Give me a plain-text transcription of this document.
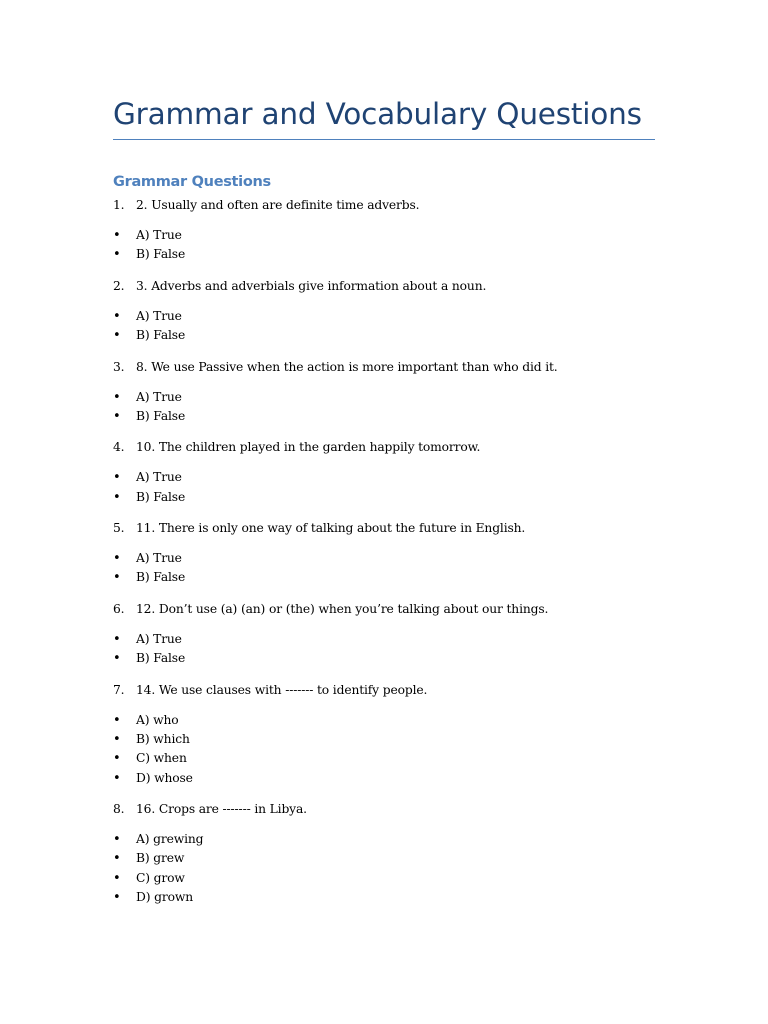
Grammar and Vocabulary Questions
Grammar Questions
1. 2. Usually and often are definite time adverbs.
• A) True
• B) False
2. 3. Adverbs and adverbials give information about a noun.
• A) True
• B) False
3. 8. We use Passive when the action is more important than who did it.
• A) True
• B) False
4. 10. The children played in the garden happily tomorrow.
• A) True
• B) False
5. 11. There is only one way of talking about the future in English.
• A) True
• B) False
6. 12. Don’t use (a) (an) or (the) when you’re talking about our things.
• A) True
• B) False
7. 14. We use clauses with ------- to identify people.
• A) who
• B) which
• C) when
• D) whose
8. 16. Crops are ------- in Libya.
• A) grewing
• B) grew
• C) grow
• D) grown
